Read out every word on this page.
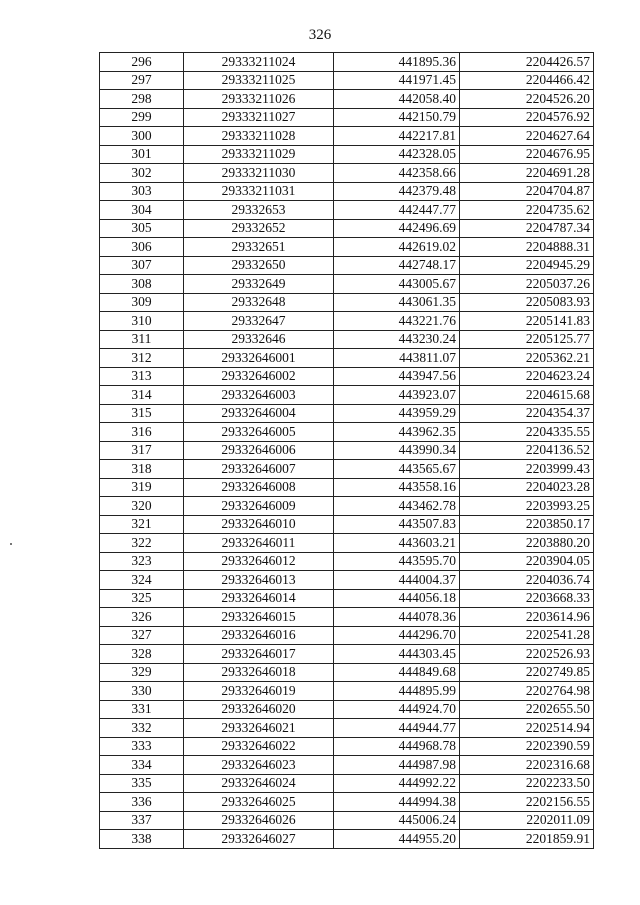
326
296	29333211024	441895.36	2204426.57
297	29333211025	441971.45	2204466.42
298	29333211026	442058.40	2204526.20
299	29333211027	442150.79	2204576.92
300	29333211028	442217.81	2204627.64
301	29333211029	442328.05	2204676.95
302	29333211030	442358.66	2204691.28
303	29333211031	442379.48	2204704.87
304	29332653	442447.77	2204735.62
305	29332652	442496.69	2204787.34
306	29332651	442619.02	2204888.31
307	29332650	442748.17	2204945.29
308	29332649	443005.67	2205037.26
309	29332648	443061.35	2205083.93
310	29332647	443221.76	2205141.83
311	29332646	443230.24	2205125.77
312	29332646001	443811.07	2205362.21
313	29332646002	443947.56	2204623.24
314	29332646003	443923.07	2204615.68
315	29332646004	443959.29	2204354.37
316	29332646005	443962.35	2204335.55
317	29332646006	443990.34	2204136.52
318	29332646007	443565.67	2203999.43
319	29332646008	443558.16	2204023.28
320	29332646009	443462.78	2203993.25
321	29332646010	443507.83	2203850.17
322	29332646011	443603.21	2203880.20
323	29332646012	443595.70	2203904.05
324	29332646013	444004.37	2204036.74
325	29332646014	444056.18	2203668.33
326	29332646015	444078.36	2203614.96
327	29332646016	444296.70	2202541.28
328	29332646017	444303.45	2202526.93
329	29332646018	444849.68	2202749.85
330	29332646019	444895.99	2202764.98
331	29332646020	444924.70	2202655.50
332	29332646021	444944.77	2202514.94
333	29332646022	444968.78	2202390.59
334	29332646023	444987.98	2202316.68
335	29332646024	444992.22	2202233.50
336	29332646025	444994.38	2202156.55
337	29332646026	445006.24	2202011.09
338	29332646027	444955.20	2201859.91
